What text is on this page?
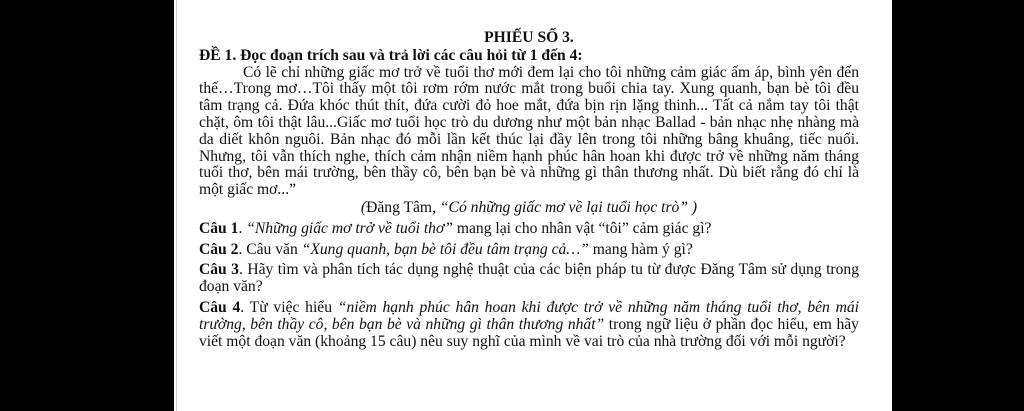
PHIẾU SỐ 3.

ĐỀ 1. Đọc đoạn trích sau và trả lời các câu hỏi từ 1 đến 4:

Có lẽ chỉ những giấc mơ trở về tuổi thơ mới đem lại cho tôi những cảm giác ấm áp, bình yên đến thế…Trong mơ…Tôi thấy một tôi rơm rớm nước mắt trong buổi chia tay. Xung quanh, bạn bè tôi đều tâm trạng cả. Đứa khóc thút thít, đứa cười đỏ hoe mắt, đứa bịn rịn lặng thinh... Tất cả nắm tay tôi thật chặt, ôm tôi thật lâu...Giấc mơ tuổi học trò du dương như một bản nhạc Ballad - bản nhạc nhẹ nhàng mà da diết khôn nguôi. Bản nhạc đó mỗi lần kết thúc lại đầy lên trong tôi những bâng khuâng, tiếc nuối. Nhưng, tôi vẫn thích nghe, thích cảm nhận niềm hạnh phúc hân hoan khi được trở về những năm tháng tuổi thơ, bên mái trường, bên thầy cô, bên bạn bè và những gì thân thương nhất. Dù biết rằng đó chỉ là một giấc mơ...”

(Đăng Tâm, “Có những giấc mơ về lại tuổi học trò” )

Câu 1. “Những giấc mơ trở về tuổi thơ” mang lại cho nhân vật “tôi” cảm giác gì?

Câu 2. Câu văn “Xung quanh, bạn bè tôi đều tâm trạng cả…” mang hàm ý gì?

Câu 3. Hãy tìm và phân tích tác dụng nghệ thuật của các biện pháp tu từ được Đăng Tâm sử dụng trong đoạn văn?

Câu 4. Từ việc hiểu “niềm hạnh phúc hân hoan khi được trở về những năm tháng tuổi thơ, bên mái trường, bên thầy cô, bên bạn bè và những gì thân thương nhất” trong ngữ liệu ở phần đọc hiểu, em hãy viết một đoạn văn (khoảng 15 câu) nêu suy nghĩ của mình về vai trò của nhà trường đối với mỗi người?
